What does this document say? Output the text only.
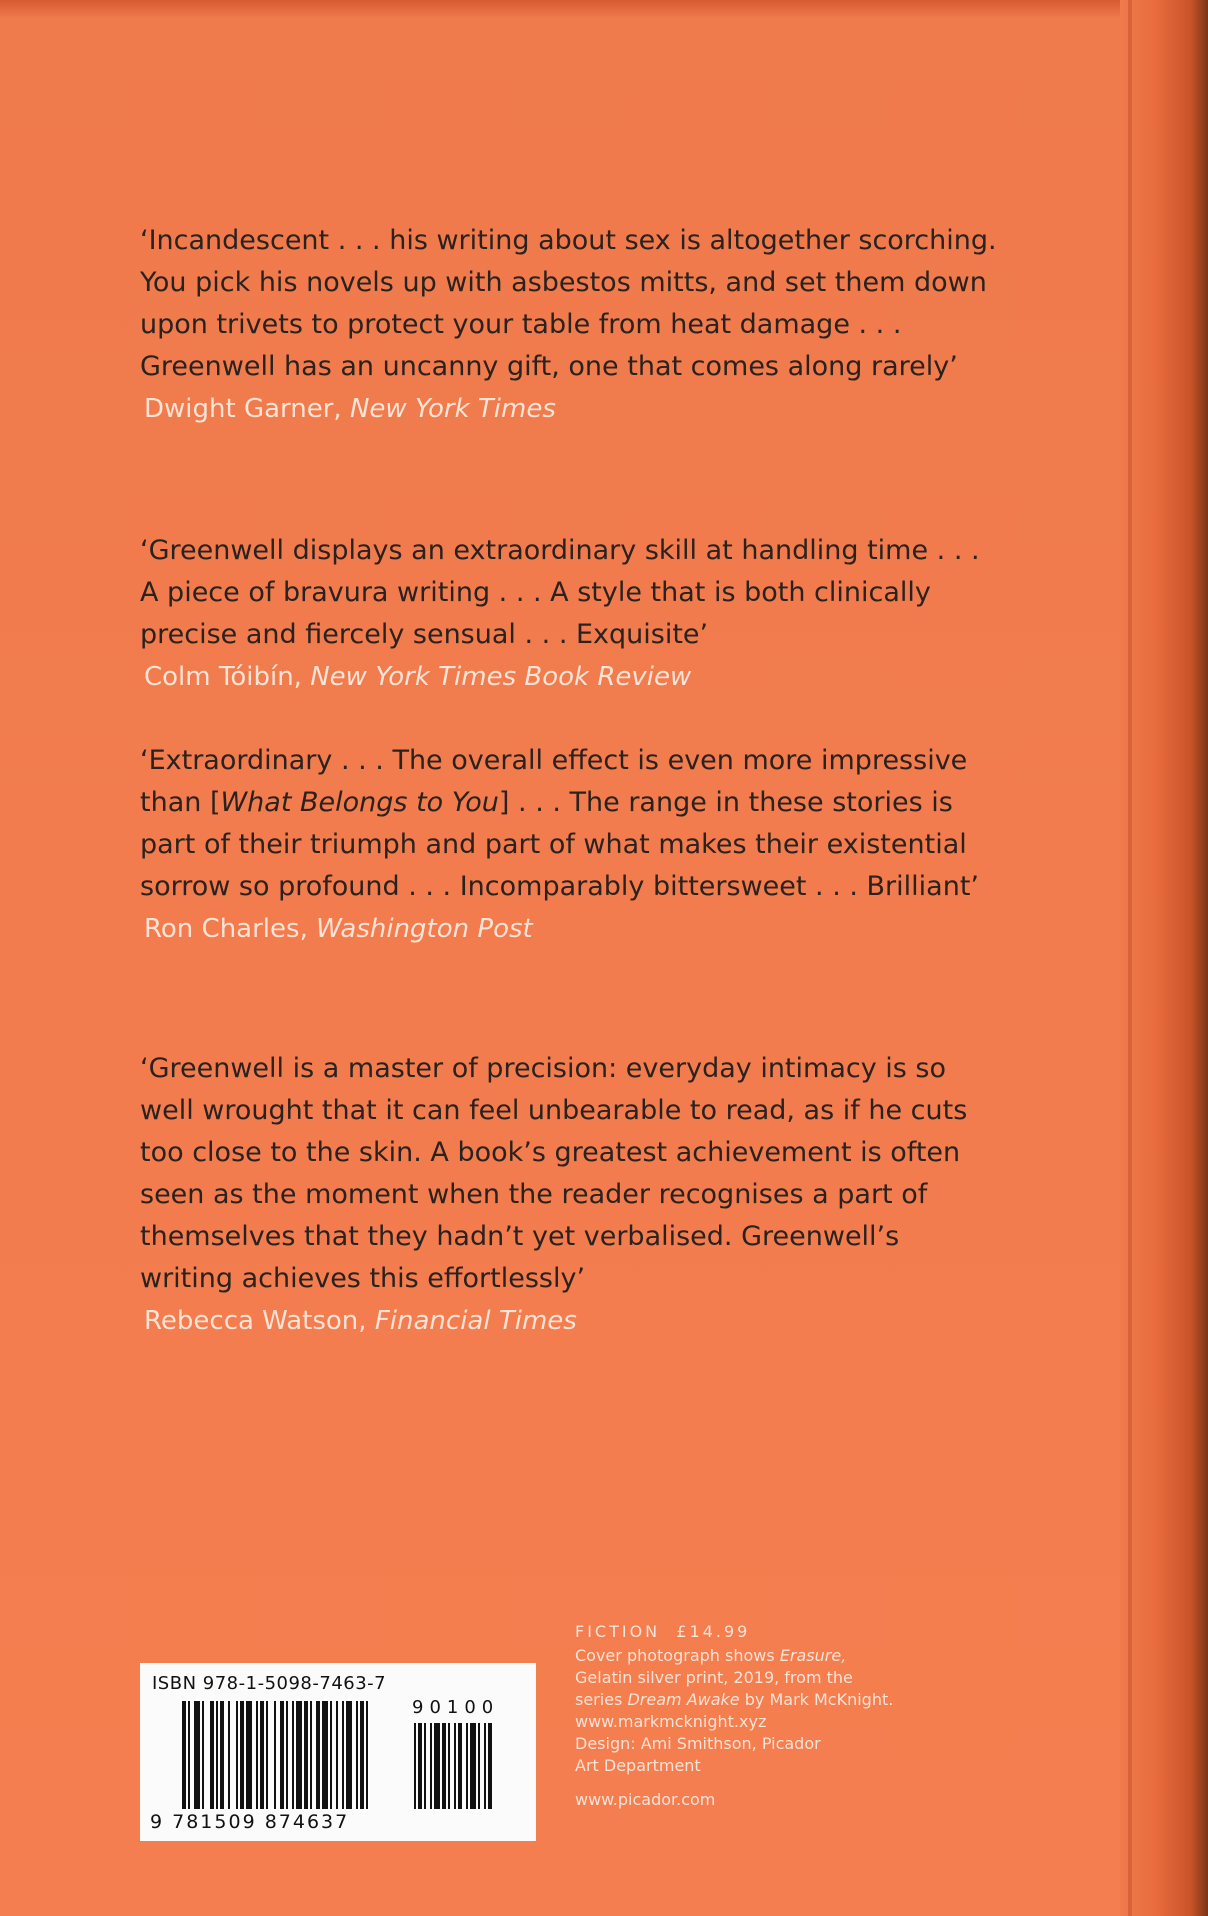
‘Incandescent . . . his writing about sex is altogether scorching. You pick his novels up with asbestos mitts, and set them down upon trivets to protect your table from heat damage . . . Greenwell has an uncanny gift, one that comes along rarely’

Dwight Garner, New York Times

‘Greenwell displays an extraordinary skill at handling time . . . A piece of bravura writing . . . A style that is both clinically precise and fiercely sensual . . . Exquisite’

Colm Tóibín, New York Times Book Review

‘Extraordinary . . . The overall effect is even more impressive than [What Belongs to You] . . . The range in these stories is part of their triumph and part of what makes their existential sorrow so profound . . . Incomparably bittersweet . . . Brilliant’

Ron Charles, Washington Post

‘Greenwell is a master of precision: everyday intimacy is so well wrought that it can feel unbearable to read, as if he cuts too close to the skin. A book’s greatest achievement is often seen as the moment when the reader recognises a part of themselves that they hadn’t yet verbalised. Greenwell’s writing achieves this effortlessly’

Rebecca Watson, Financial Times

ISBN 978-1-5098-7463-7
90100
9 781509 874637

FICTION £14.99

Cover photograph shows Erasure,

Gelatin silver print, 2019, from the

series Dream Awake by Mark McKnight.

www.markmcknight.xyz

Design: Ami Smithson, Picador

Art Department

www.picador.com
